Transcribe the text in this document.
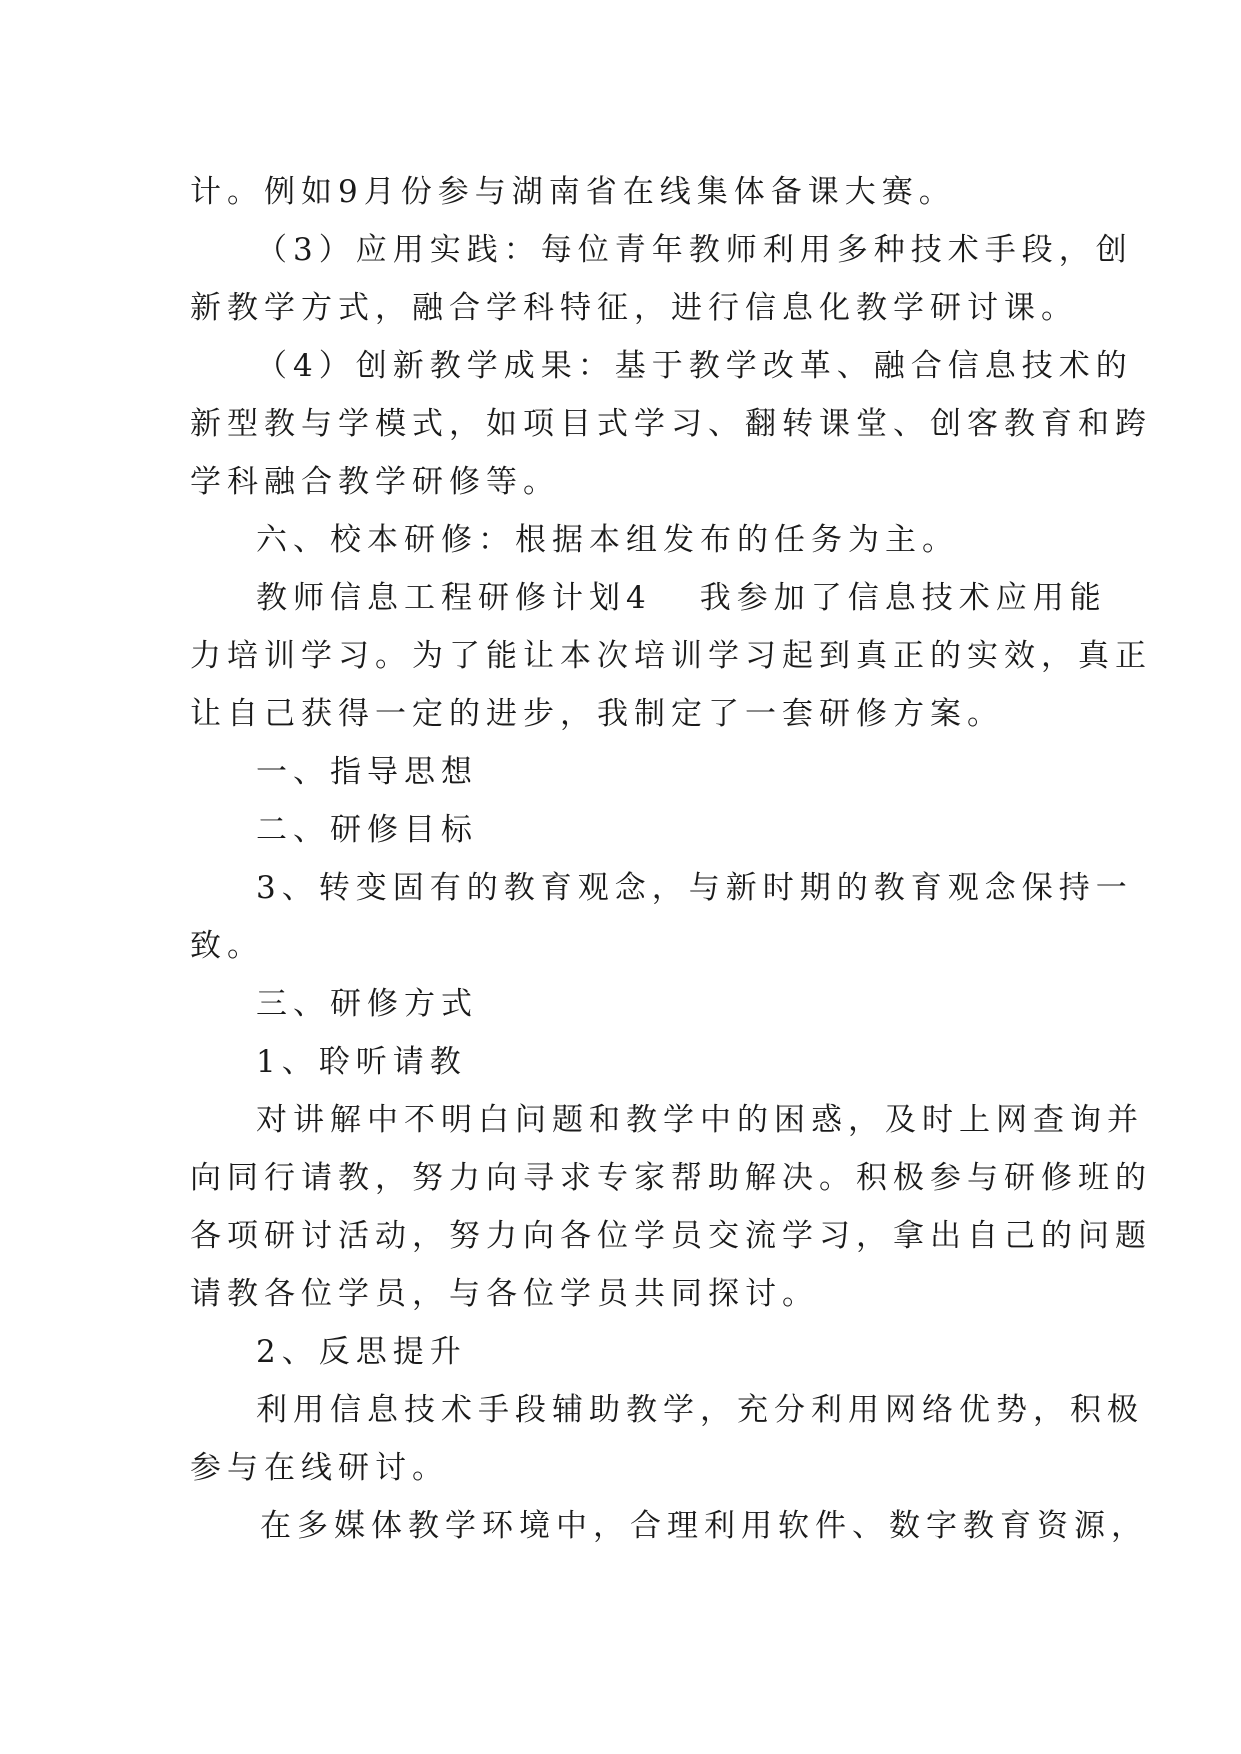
计。例如9月份参与湖南省在线集体备课大赛。
（3）应用实践：每位青年教师利用多种技术手段，创
新教学方式，融合学科特征，进行信息化教学研讨课。
（4）创新教学成果：基于教学改革、融合信息技术的
新型教与学模式，如项目式学习、翻转课堂、创客教育和跨
学科融合教学研修等。
六、校本研修：根据本组发布的任务为主。
教师信息工程研修计划4 我参加了信息技术应用能
力培训学习。为了能让本次培训学习起到真正的实效，真正
让自己获得一定的进步，我制定了一套研修方案。
一、指导思想
二、研修目标
3、转变固有的教育观念，与新时期的教育观念保持一
致。
三、研修方式
1、聆听请教
对讲解中不明白问题和教学中的困惑，及时上网查询并
向同行请教，努力向寻求专家帮助解决。积极参与研修班的
各项研讨活动，努力向各位学员交流学习，拿出自己的问题
请教各位学员，与各位学员共同探讨。
2、反思提升
利用信息技术手段辅助教学，充分利用网络优势，积极
参与在线研讨。
在多媒体教学环境中，合理利用软件、数字教育资源，
